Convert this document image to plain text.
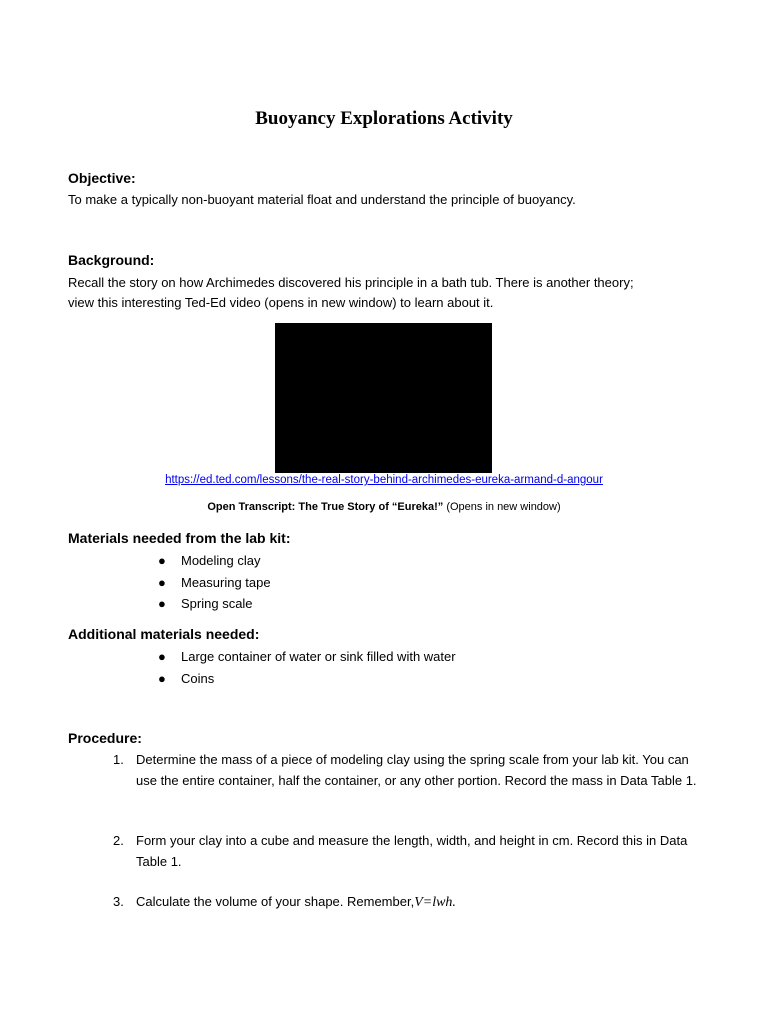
Buoyancy Explorations Activity

Objective:

To make a typically non-buoyant material float and understand the principle of buoyancy.

Background:

Recall the story on how Archimedes discovered his principle in a bath tub. There is another theory;

view this interesting Ted-Ed video (opens in new window) to learn about it.

https://ed.ted.com/lessons/the-real-story-behind-archimedes-eureka-armand-d-angour
Open Transcript: The True Story of “Eureka!” (Opens in new window)

Materials needed from the lab kit:

● Modeling clay
● Measuring tape
● Spring scale

Additional materials needed:

● Large container of water or sink filled with water
● Coins

Procedure:

1. Determine the mass of a piece of modeling clay using the spring scale from your lab kit. You can use the entire container, half the container, or any other portion. Record the mass in Data Table 1.
2. Form your clay into a cube and measure the length, width, and height in cm. Record this in Data Table 1.
3. Calculate the volume of your shape. Remember,V=lwh.
